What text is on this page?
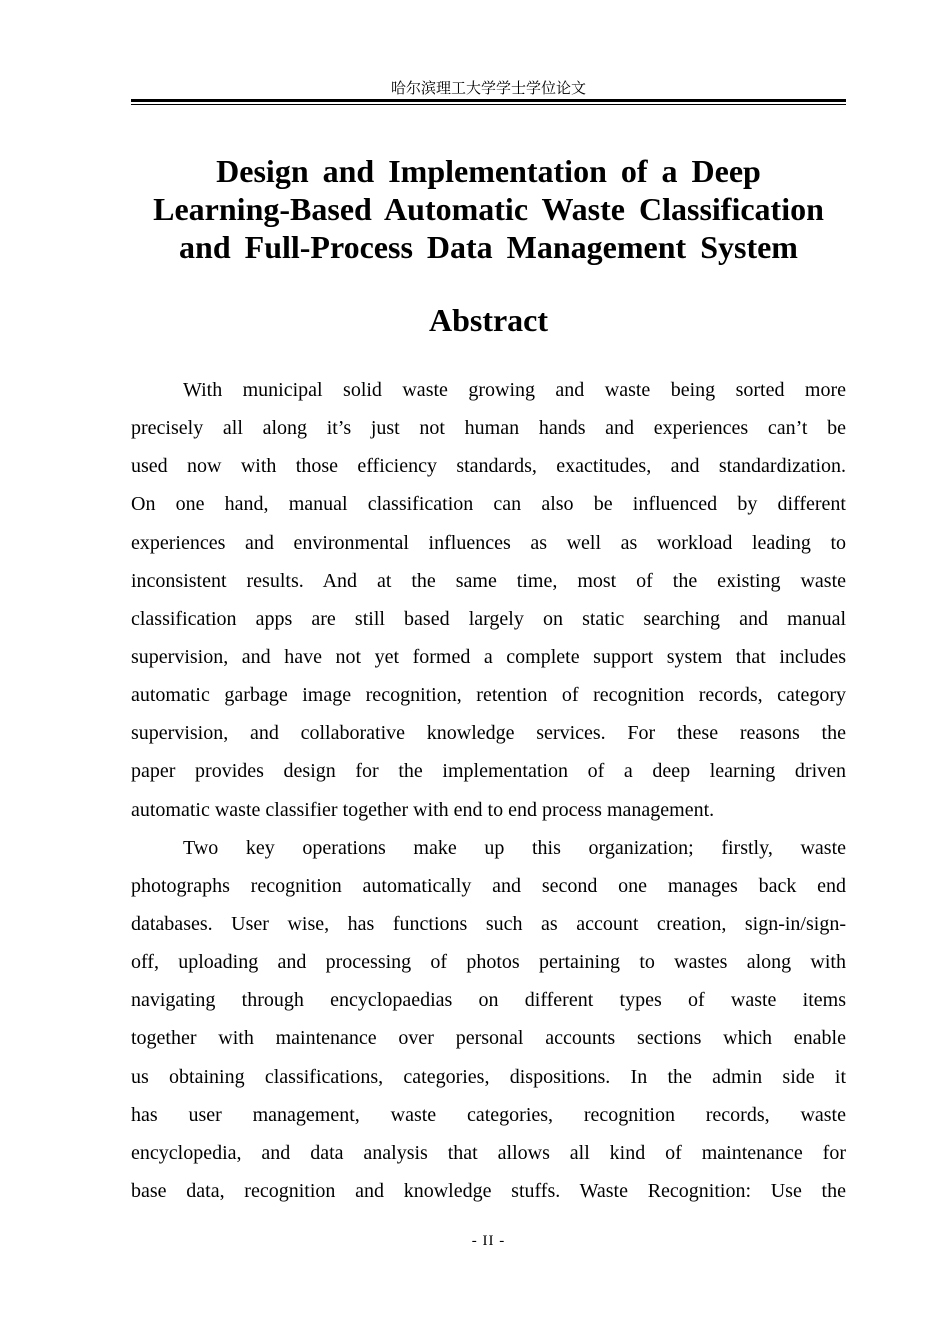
哈尔滨理工大学学士学位论文
Design and Implementation of a Deep
Learning-Based Automatic Waste Classification
and Full-Process Data Management System
Abstract

With municipal solid waste growing and waste being sorted more
precisely all along it’s just not human hands and experiences can’t be
used now with those efficiency standards, exactitudes, and standardization.
On one hand, manual classification can also be influenced by different
experiences and environmental influences as well as workload leading to
inconsistent results. And at the same time, most of the existing waste
classification apps are still based largely on static searching and manual
supervision, and have not yet formed a complete support system that includes
automatic garbage image recognition, retention of recognition records, category
supervision, and collaborative knowledge services. For these reasons the
paper provides design for the implementation of a deep learning driven
automatic waste classifier together with end to end process management.

Two key operations make up this organization; firstly, waste
photographs recognition automatically and second one manages back end
databases. User wise, has functions such as account creation, sign-in/sign-
off, uploading and processing of photos pertaining to wastes along with
navigating through encyclopaedias on different types of waste items
together with maintenance over personal accounts sections which enable
us obtaining classifications, categories, dispositions. In the admin side it
has user management, waste categories, recognition records, waste
encyclopedia, and data analysis that allows all kind of maintenance for
base data, recognition and knowledge stuffs. Waste Recognition: Use the

- II -
